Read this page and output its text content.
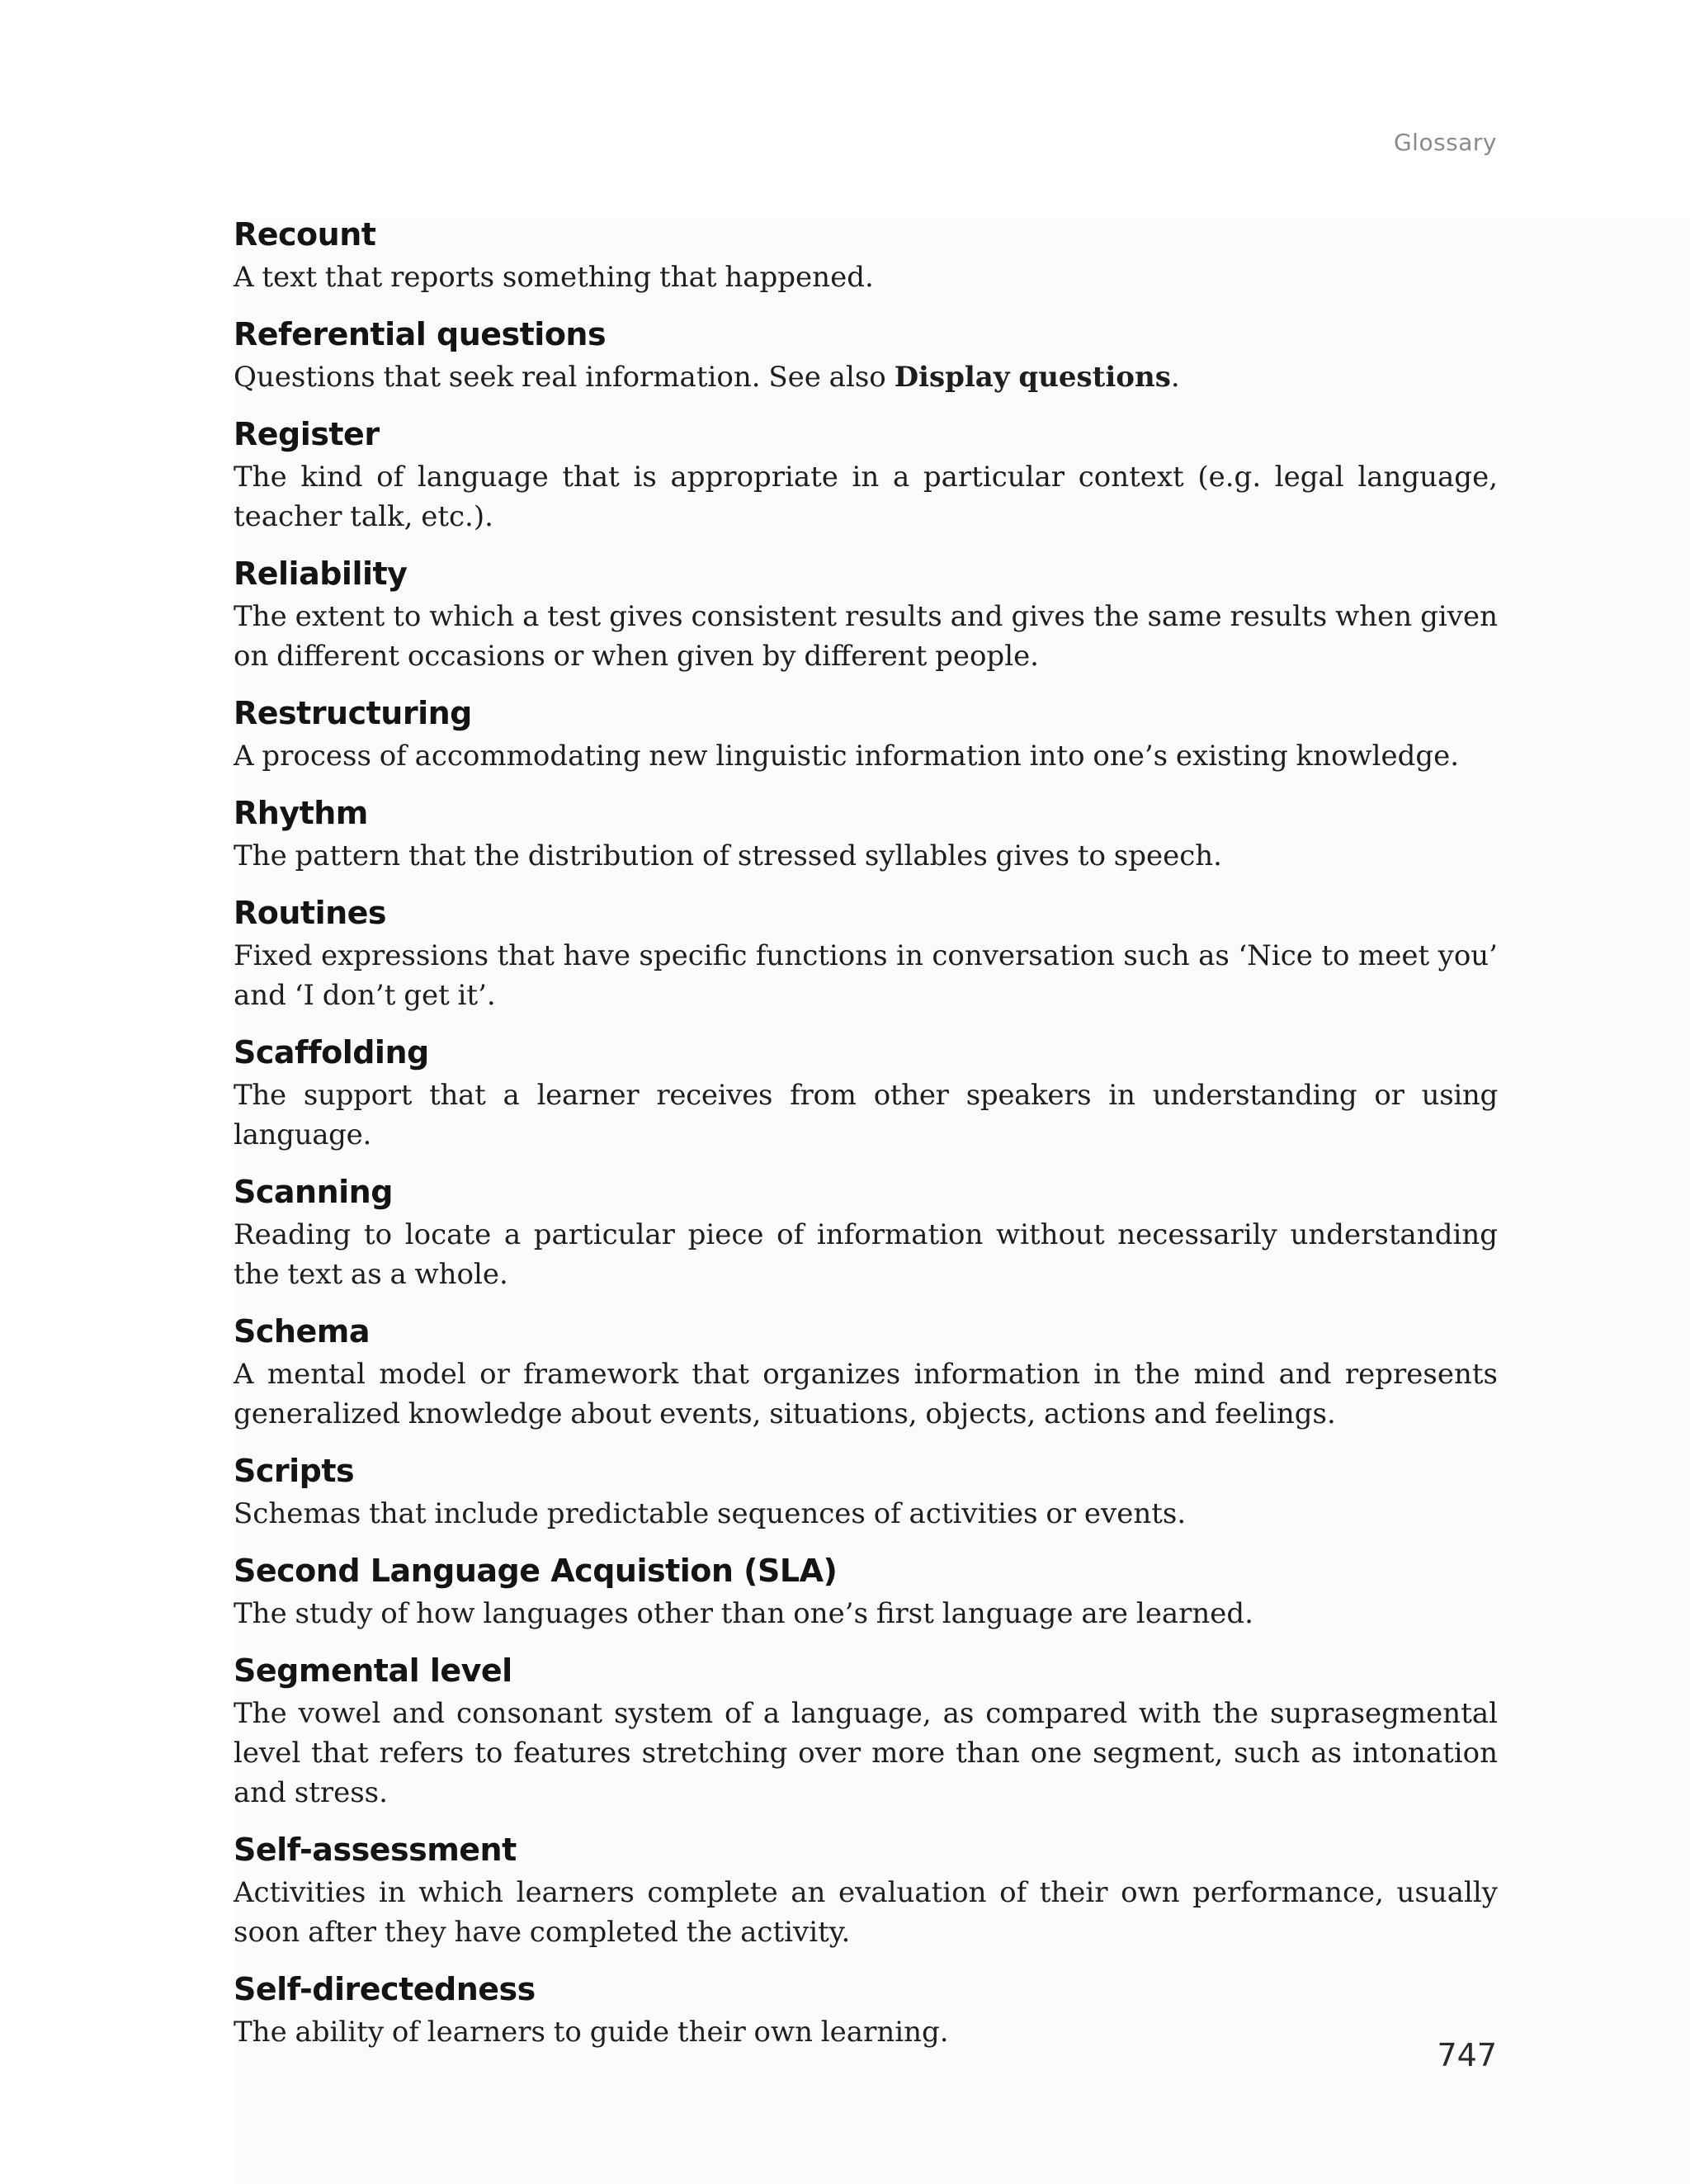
Glossary
Recount
A text that reports something that happened.
Referential questions
Questions that seek real information. See also Display questions.
Register
The kind of language that is appropriate in a particular context (e.g. legal language, teacher talk, etc.).
Reliability
The extent to which a test gives consistent results and gives the same results when given on different occasions or when given by different people.
Restructuring
A process of accommodating new linguistic information into one’s existing knowledge.
Rhythm
The pattern that the distribution of stressed syllables gives to speech.
Routines
Fixed expressions that have specific functions in conversation such as ‘Nice to meet you’ and ‘I don’t get it’.
Scaffolding
The support that a learner receives from other speakers in understanding or using language.
Scanning
Reading to locate a particular piece of information without necessarily understanding the text as a whole.
Schema
A mental model or framework that organizes information in the mind and represents generalized knowledge about events, situations, objects, actions and feelings.
Scripts
Schemas that include predictable sequences of activities or events.
Second Language Acquistion (SLA)
The study of how languages other than one’s first language are learned.
Segmental level
The vowel and consonant system of a language, as compared with the suprasegmental level that refers to features stretching over more than one segment, such as intonation and stress.
Self-assessment
Activities in which learners complete an evaluation of their own performance, usually soon after they have completed the activity.
Self-directedness
The ability of learners to guide their own learning.
747
